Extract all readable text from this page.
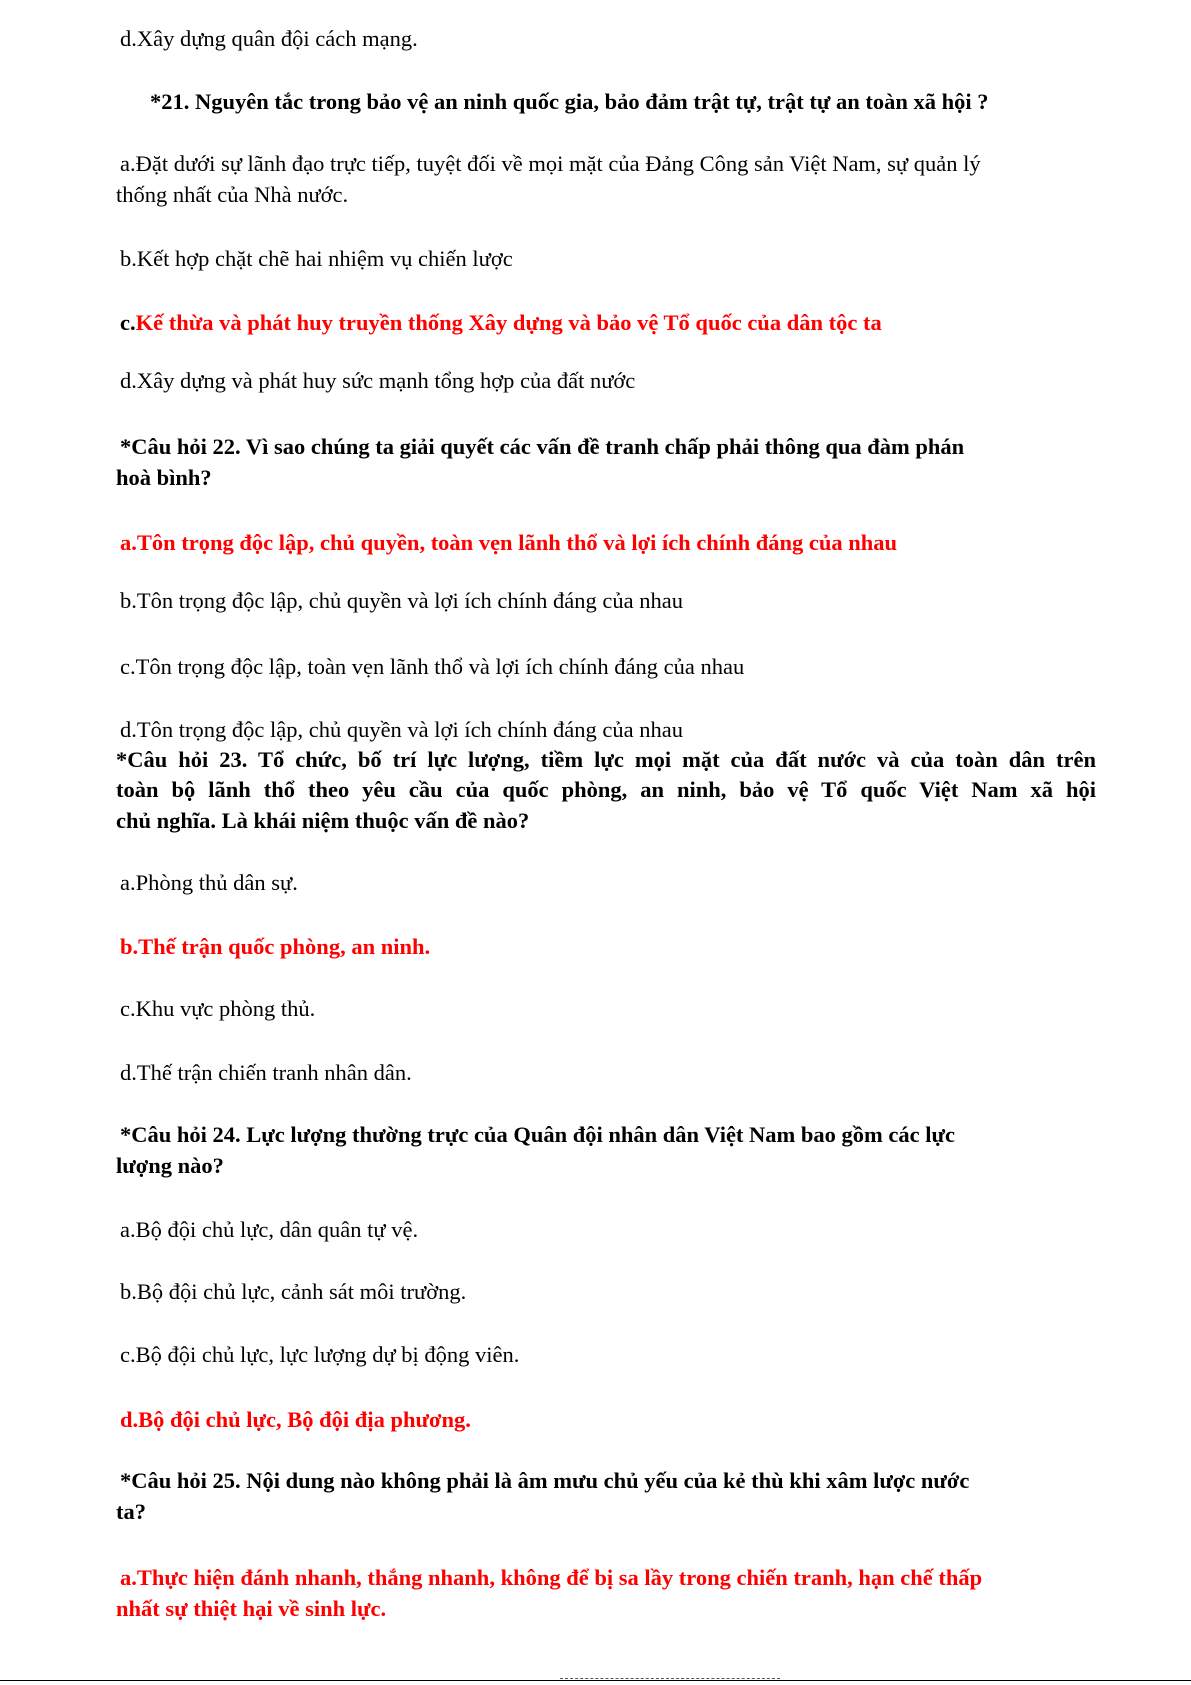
d.Xây dựng quân đội cách mạng.
*21. Nguyên tắc trong bảo vệ an ninh quốc gia, bảo đảm trật tự, trật tự an toàn xã hội ?
a.Đặt dưới sự lãnh đạo trực tiếp, tuyệt đối về mọi mặt của Đảng Công sản Việt Nam, sự quản lý
thống nhất của Nhà nước.
b.Kết hợp chặt chẽ hai nhiệm vụ chiến lược
c.Kế thừa và phát huy truyền thống Xây dựng và bảo vệ Tổ quốc của dân tộc ta
d.Xây dựng và phát huy sức mạnh tổng hợp của đất nước
*Câu hỏi 22. Vì sao chúng ta giải quyết các vấn đề tranh chấp phải thông qua đàm phán
hoà bình?
a.Tôn trọng độc lập, chủ quyền, toàn vẹn lãnh thổ và lợi ích chính đáng của nhau
b.Tôn trọng độc lập, chủ quyền và lợi ích chính đáng của nhau
c.Tôn trọng độc lập, toàn vẹn lãnh thổ và lợi ích chính đáng của nhau
d.Tôn trọng độc lập, chủ quyền và lợi ích chính đáng của nhau
*Câu hỏi 23. Tổ chức, bố trí lực lượng, tiềm lực mọi mặt của đất nước và của toàn dân trên
toàn bộ lãnh thổ theo yêu cầu của quốc phòng, an ninh, bảo vệ Tổ quốc Việt Nam xã hội
chủ nghĩa. Là khái niệm thuộc vấn đề nào?
a.Phòng thủ dân sự.
b.Thế trận quốc phòng, an ninh.
c.Khu vực phòng thủ.
d.Thế trận chiến tranh nhân dân.
*Câu hỏi 24. Lực lượng thường trực của Quân đội nhân dân Việt Nam bao gồm các lực
lượng nào?
a.Bộ đội chủ lực, dân quân tự vệ.
b.Bộ đội chủ lực, cảnh sát môi trường.
c.Bộ đội chủ lực, lực lượng dự bị động viên.
d.Bộ đội chủ lực, Bộ đội địa phương.
*Câu hỏi 25. Nội dung nào không phải là âm mưu chủ yếu của kẻ thù khi xâm lược nước
ta?
a.Thực hiện đánh nhanh, thắng nhanh, không để bị sa lầy trong chiến tranh, hạn chế thấp
nhất sự thiệt hại về sinh lực.
